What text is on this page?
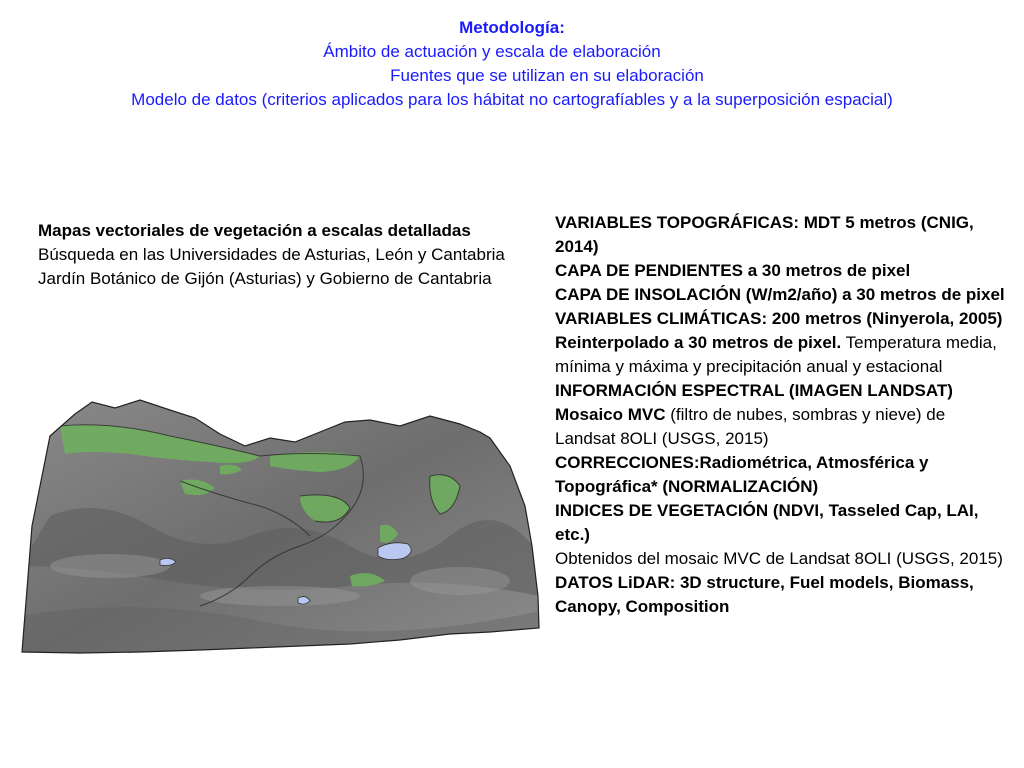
Metodología:
Ámbito de actuación y escala de elaboración
Fuentes que se utilizan en su elaboración
Modelo de datos (criterios aplicados para los hábitat no cartografíables y a la superposición espacial)
Mapas vectoriales de vegetación a escalas detalladas
Búsqueda en las Universidades de Asturias, León y Cantabria
Jardín Botánico de Gijón (Asturias) y Gobierno de Cantabria

VARIABLES TOPOGRÁFICAS: MDT 5 metros (CNIG, 2014)

CAPA DE PENDIENTES a 30 metros de pixel

CAPA DE INSOLACIÓN (W/m2/año) a 30 metros de pixel

VARIABLES CLIMÁTICAS: 200 metros (Ninyerola, 2005) Reinterpolado a 30 metros de pixel. Temperatura media, mínima y máxima y precipitación anual y estacional

INFORMACIÓN ESPECTRAL (IMAGEN LANDSAT)

Mosaico MVC (filtro de nubes, sombras y nieve) de Landsat 8OLI (USGS, 2015)

CORRECCIONES:Radiométrica, Atmosférica y Topográfica* (NORMALIZACIÓN)

INDICES DE VEGETACIÓN (NDVI, Tasseled Cap, LAI, etc.)

Obtenidos del mosaic MVC de Landsat 8OLI (USGS, 2015)

DATOS LiDAR: 3D structure, Fuel models, Biomass, Canopy, Composition
